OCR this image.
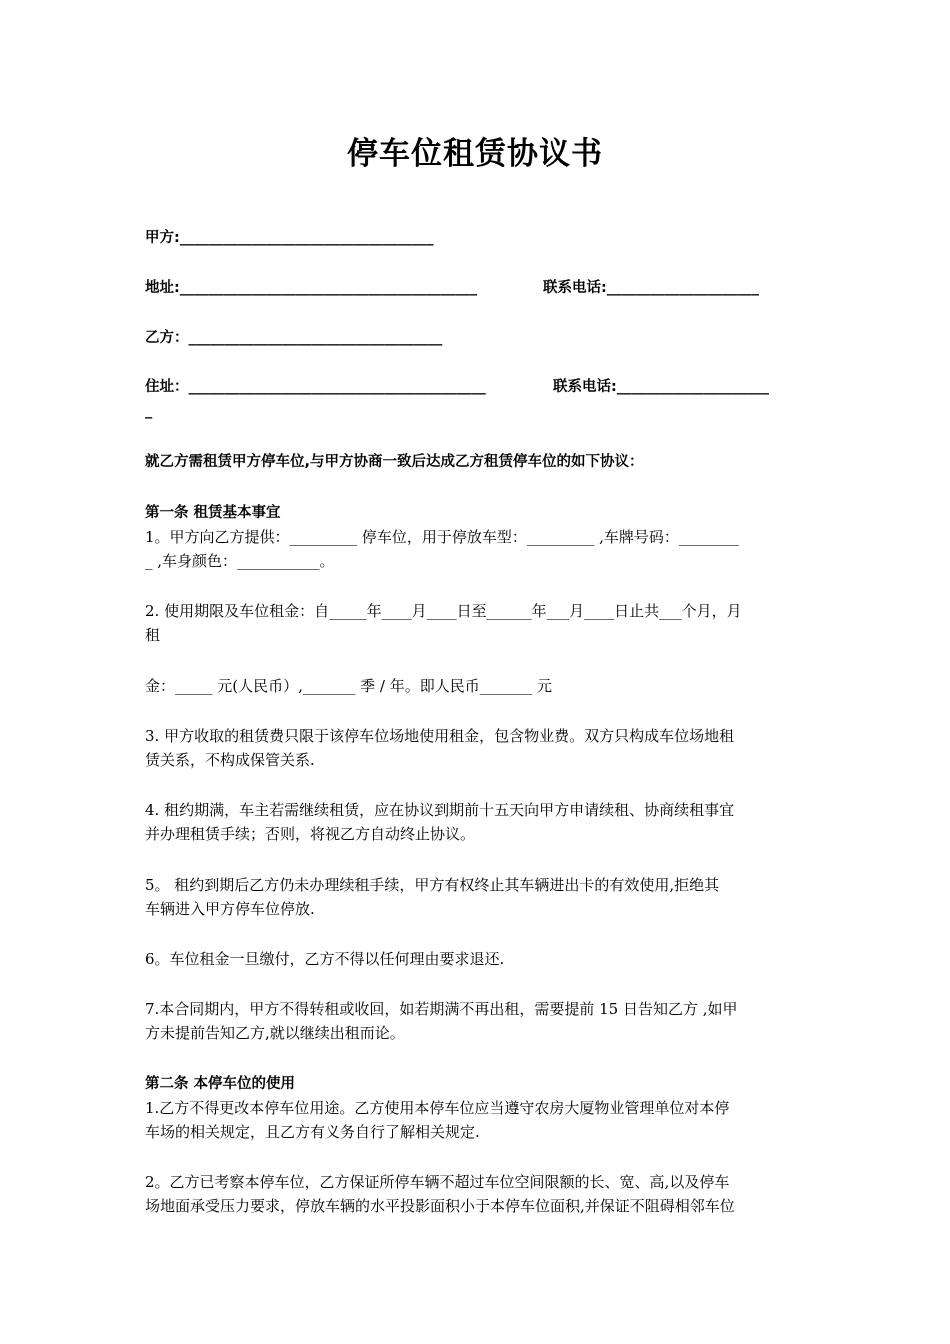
停车位租赁协议书
甲方:___________________________________
地址:_________________________________________	联系电话:_____________________
乙方：___________________________________
住址：_________________________________________	联系电话:_____________________
_
就乙方需租赁甲方停车位,与甲方协商一致后达成乙方租赁停车位的如下协议：
第一条 租赁基本事宜
1。甲方向乙方提供：_________ 停车位，用于停放车型：_________ ,车牌号码：________
_ ,车身颜色：___________。
2. 使用期限及车位租金：自_____年____月____日至______年___月____日止共___个月，月
租
金：_____ 元(人民币）,_______ 季 / 年。即人民币_______ 元
3. 甲方收取的租赁费只限于该停车位场地使用租金，包含物业费。双方只构成车位场地租
赁关系，不构成保管关系.
4. 租约期满，车主若需继续租赁，应在协议到期前十五天向甲方申请续租、协商续租事宜
并办理租赁手续；否则，将视乙方自动终止协议。
5。 租约到期后乙方仍未办理续租手续，甲方有权终止其车辆进出卡的有效使用,拒绝其
车辆进入甲方停车位停放.
6。车位租金一旦缴付，乙方不得以任何理由要求退还.
7.本合同期内，甲方不得转租或收回，如若期满不再出租，需要提前 15 日告知乙方 ,如甲
方未提前告知乙方,就以继续出租而论。
第二条 本停车位的使用
1.乙方不得更改本停车位用途。乙方使用本停车位应当遵守农房大厦物业管理单位对本停
车场的相关规定，且乙方有义务自行了解相关规定.
2。乙方已考察本停车位，乙方保证所停车辆不超过车位空间限额的长、宽、高,以及停车
场地面承受压力要求，停放车辆的水平投影面积小于本停车位面积,并保证不阻碍相邻车位
